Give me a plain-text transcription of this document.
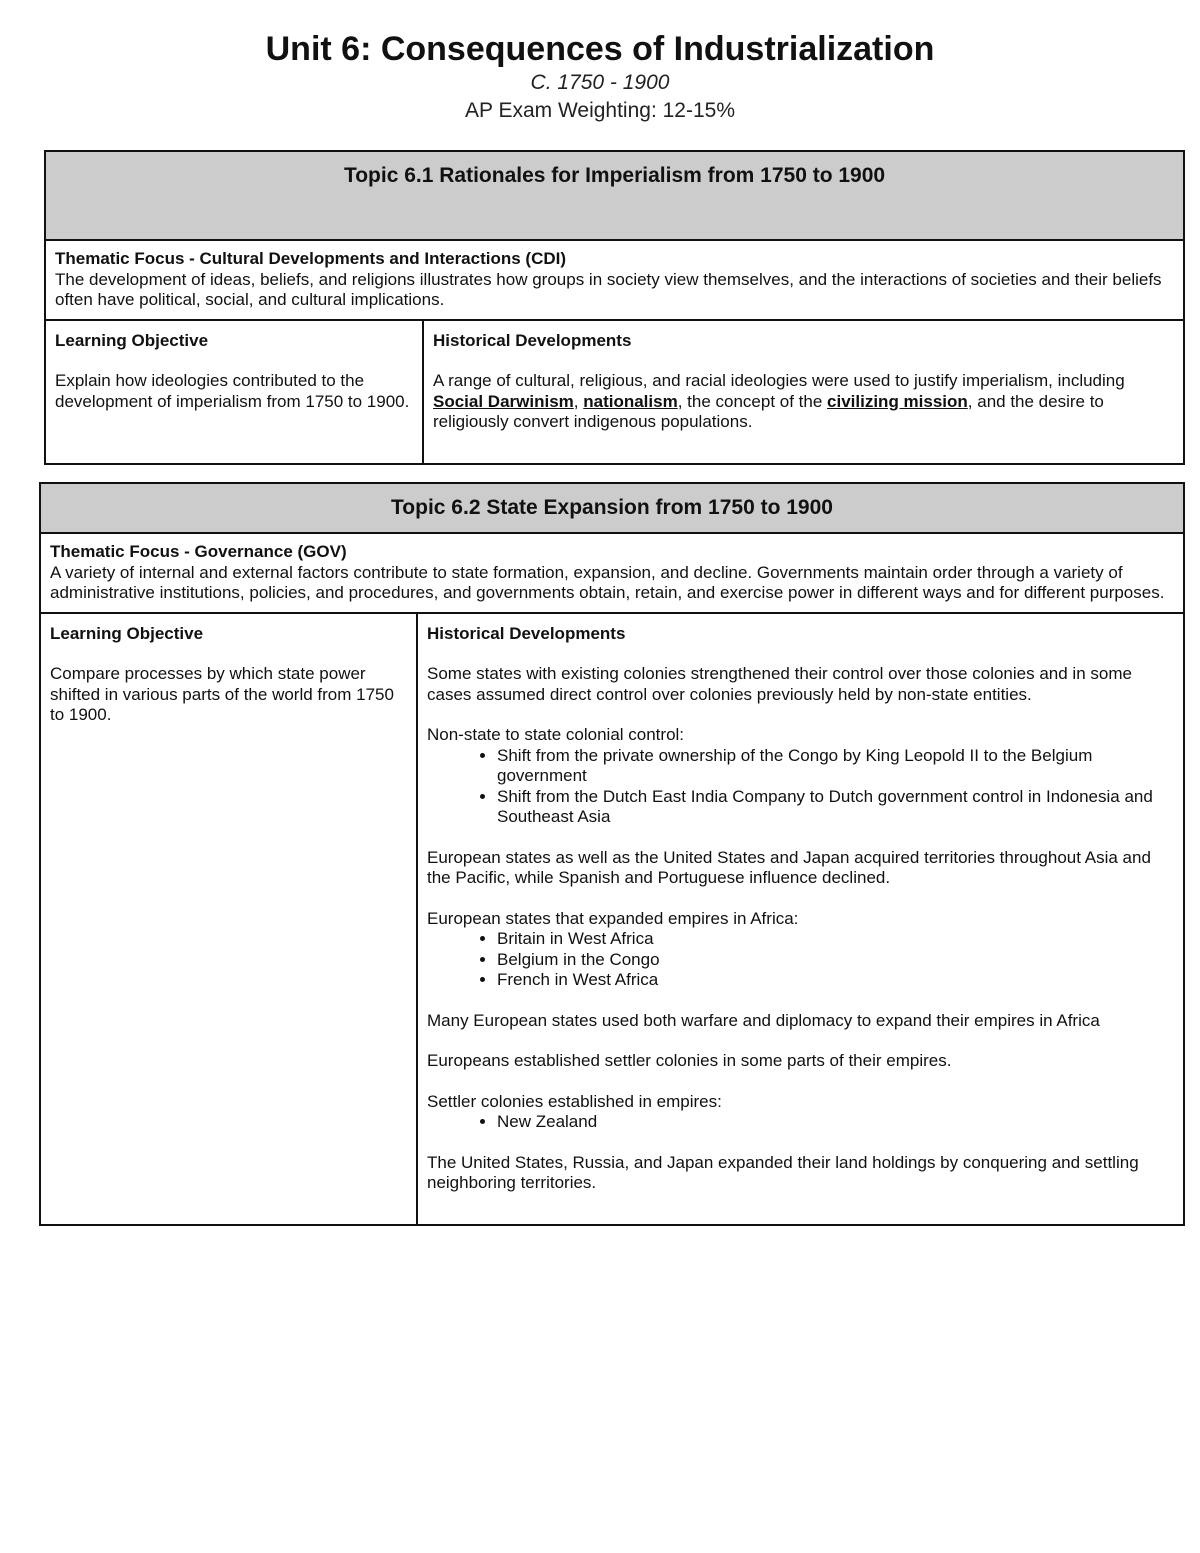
Unit 6: Consequences of Industrialization

C. 1750 - 1900

AP Exam Weighting: 12-15%

Topic 6.1 Rationales for Imperialism from 1750 to 1900

Thematic Focus - Cultural Developments and Interactions (CDI)
The development of ideas, beliefs, and religions illustrates how groups in society view themselves, and the interactions of societies and their beliefs often have political, social, and cultural implications.

Learning Objective
Explain how ideologies contributed to the development of imperialism from 1750 to 1900.	
Historical Developments
A range of cultural, religious, and racial ideologies were used to justify imperialism, including Social Darwinism, nationalism, the concept of the civilizing mission, and the desire to religiously convert indigenous populations.
Topic 6.2 State Expansion from 1750 to 1900

Thematic Focus - Governance (GOV)
A variety of internal and external factors contribute to state formation, expansion, and decline. Governments maintain order through a variety of administrative institutions, policies, and procedures, and governments obtain, retain, and exercise power in different ways and for different purposes.

Learning Objective
Compare processes by which state power shifted in various parts of the world from 1750 to 1900.	
Historical Developments

Some states with existing colonies strengthened their control over those colonies and in some cases assumed direct control over colonies previously held by non-state entities.

Non-state to state colonial control:
• Shift from the private ownership of the Congo by King Leopold II to the Belgium government
• Shift from the Dutch East India Company to Dutch government control in Indonesia and Southeast Asia

European states as well as the United States and Japan acquired territories throughout Asia and the Pacific, while Spanish and Portuguese influence declined.

European states that expanded empires in Africa:
• Britain in West Africa
• Belgium in the Congo
• French in West Africa

Many European states used both warfare and diplomacy to expand their empires in Africa

Europeans established settler colonies in some parts of their empires.

Settler colonies established in empires:
• New Zealand

The United States, Russia, and Japan expanded their land holdings by conquering and settling neighboring territories.
